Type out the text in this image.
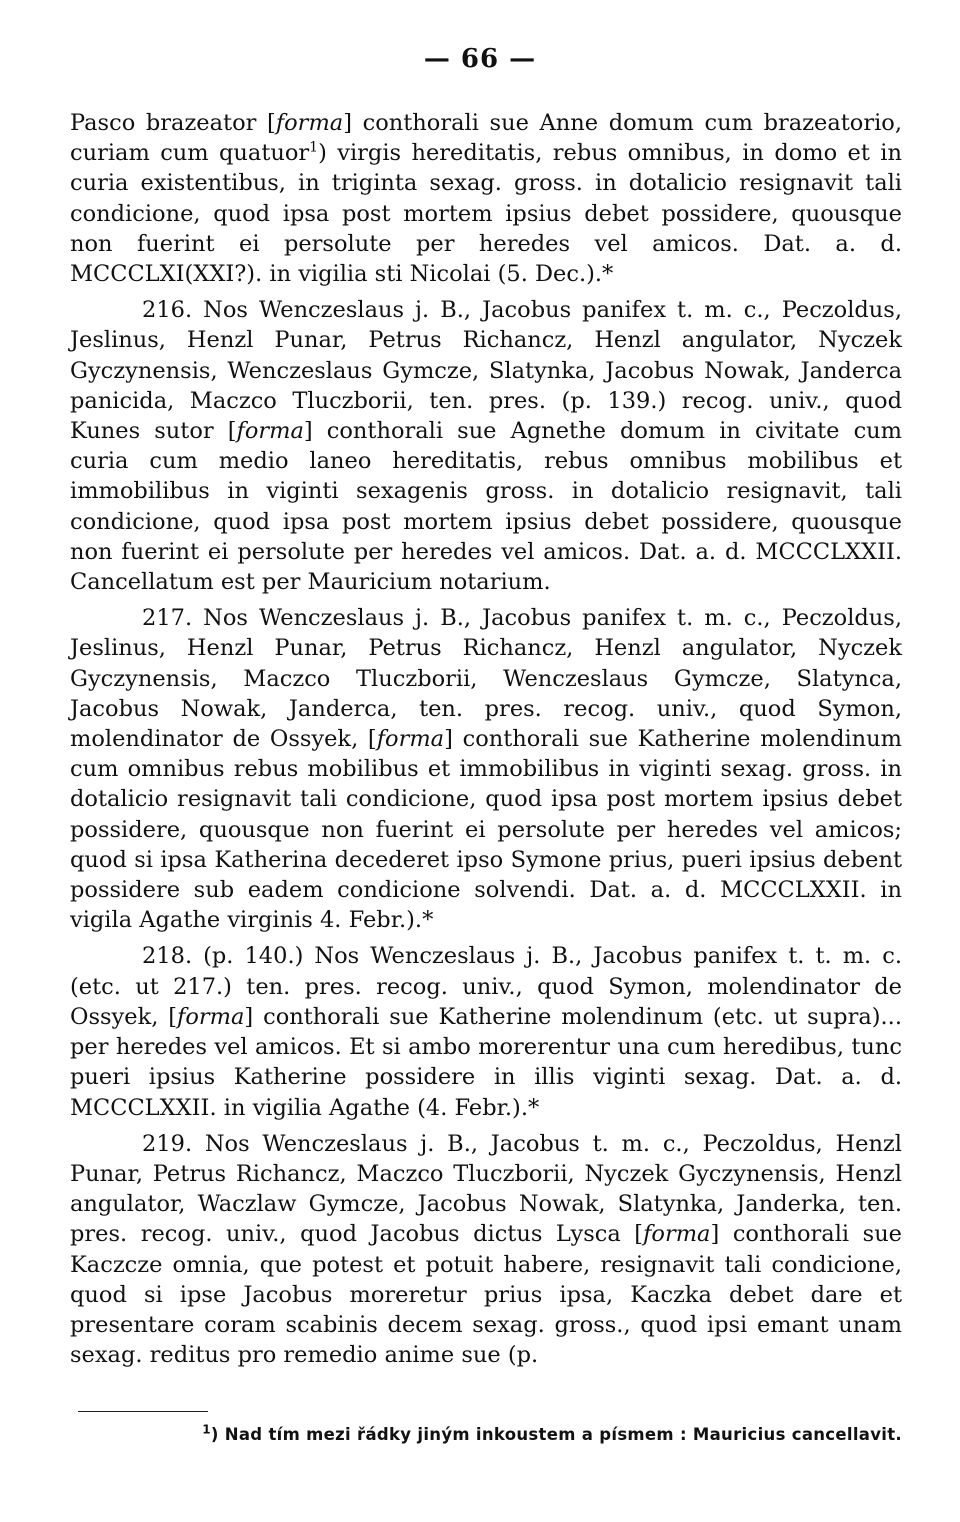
— 66 —

Pasco brazeator [forma] conthorali sue Anne domum cum brazeatorio, curiam cum quatuor$^1$) virgis hereditatis, rebus omnibus, in domo et in curia existentibus, in triginta sexag. gross. in dotalicio resignavit tali condicione, quod ipsa post mortem ipsius debet possidere, quousque non fuerint ei persolute per heredes vel amicos. Dat. a. d. MCCCLXI(XXI?). in vigilia sti Nicolai (5. Dec.).*

216. Nos Wenczeslaus j. B., Jacobus panifex t. m. c., Peczoldus, Jeslinus, Henzl Punar, Petrus Richancz, Henzl angulator, Nyczek Gyczynensis, Wenczeslaus Gymcze, Slatynka, Jacobus Nowak, Janderca panicida, Maczco Tluczborii, ten. pres. (p. 139.) recog. univ., quod Kunes sutor [forma] conthorali sue Agnethe domum in civitate cum curia cum medio laneo hereditatis, rebus omnibus mobilibus et immobilibus in viginti sexagenis gross. in dotalicio resignavit, tali condicione, quod ipsa post mortem ipsius debet possidere, quousque non fuerint ei persolute per heredes vel amicos. Dat. a. d. MCCCLXXII. Cancellatum est per Mauricium notarium.

217. Nos Wenczeslaus j. B., Jacobus panifex t. m. c., Peczoldus, Jeslinus, Henzl Punar, Petrus Richancz, Henzl angulator, Nyczek Gyczynensis, Maczco Tluczborii, Wenczeslaus Gymcze, Slatynca, Jacobus Nowak, Janderca, ten. pres. recog. univ., quod Symon, molendinator de Ossyek, [forma] conthorali sue Katherine molendinum cum omnibus rebus mobilibus et immobilibus in viginti sexag. gross. in dotalicio resignavit tali condicione, quod ipsa post mortem ipsius debet possidere, quousque non fuerint ei persolute per heredes vel amicos; quod si ipsa Katherina decederet ipso Symone prius, pueri ipsius debent possidere sub eadem condicione solvendi. Dat. a. d. MCCCLXXII. in vigila Agathe virginis 4. Febr.).*

218. (p. 140.) Nos Wenczeslaus j. B., Jacobus panifex t. t. m. c. (etc. ut 217.) ten. pres. recog. univ., quod Symon, molendinator de Ossyek, [forma] conthorali sue Katherine molendinum (etc. ut supra)... per heredes vel amicos. Et si ambo morerentur una cum heredibus, tunc pueri ipsius Katherine possidere in illis viginti sexag. Dat. a. d. MCCCLXXII. in vigilia Agathe (4. Febr.).*

219. Nos Wenczeslaus j. B., Jacobus t. m. c., Peczoldus, Henzl Punar, Petrus Richancz, Maczco Tluczborii, Nyczek Gyczynensis, Henzl angulator, Waczlaw Gymcze, Jacobus Nowak, Slatynka, Janderka, ten. pres. recog. univ., quod Jacobus dictus Lysca [forma] conthorali sue Kaczcze omnia, que potest et potuit habere, resignavit tali condicione, quod si ipse Jacobus moreretur prius ipsa, Kaczka debet dare et presentare coram scabinis decem sexag. gross., quod ipsi emant unam sexag. reditus pro remedio anime sue (p.

$^1$) Nad tím mezi řádky jiným inkoustem a písmem : Mauricius cancellavit.
